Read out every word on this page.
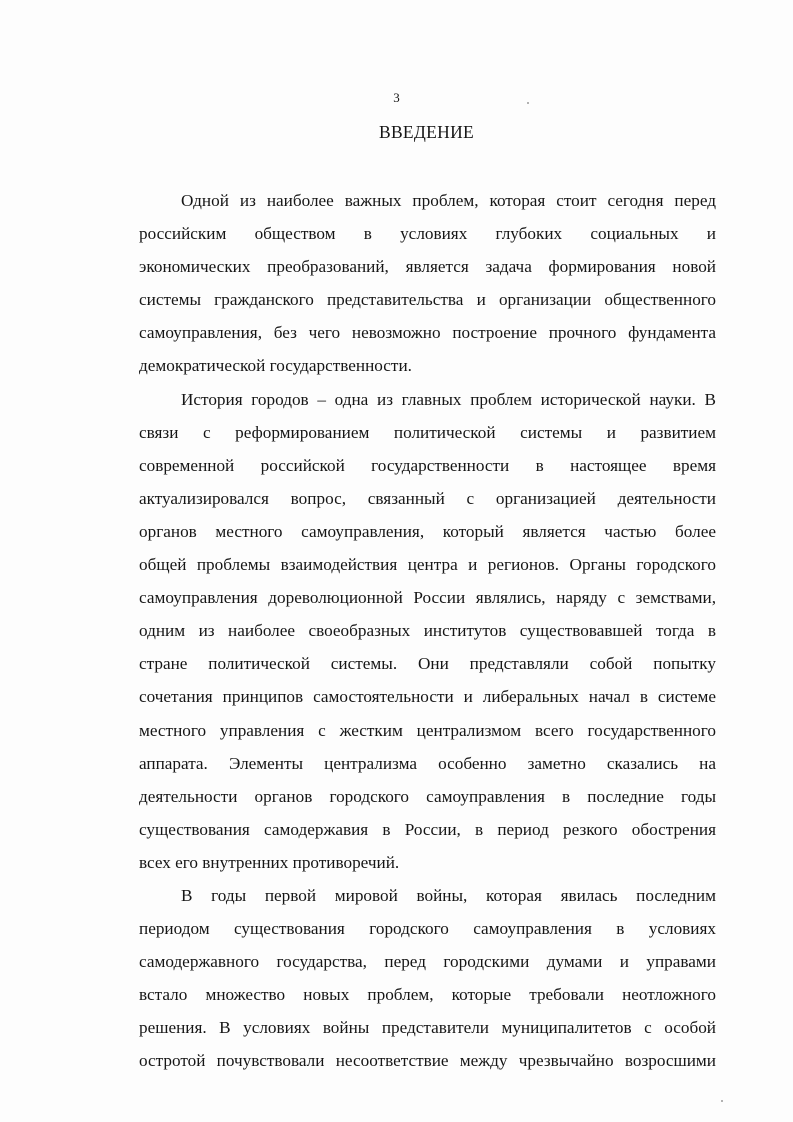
3
ВВЕДЕНИЕ
Одной из наиболее важных проблем, которая стоит сегодня перед
российским обществом в условиях глубоких социальных и
экономических преобразований, является задача формирования новой
системы гражданского представительства и организации общественного
самоуправления, без чего невозможно построение прочного фундамента
демократической государственности.
История городов – одна из главных проблем исторической науки. В
связи с реформированием политической системы и развитием
современной российской государственности в настоящее время
актуализировался вопрос, связанный с организацией деятельности
органов местного самоуправления, который является частью более
общей проблемы взаимодействия центра и регионов. Органы городского
самоуправления дореволюционной России являлись, наряду с земствами,
одним из наиболее своеобразных институтов существовавшей тогда в
стране политической системы. Они представляли собой попытку
сочетания принципов самостоятельности и либеральных начал в системе
местного управления с жестким централизмом всего государственного
аппарата. Элементы централизма особенно заметно сказались на
деятельности органов городского самоуправления в последние годы
существования самодержавия в России, в период резкого обострения
всех его внутренних противоречий.
В годы первой мировой войны, которая явилась последним
периодом существования городского самоуправления в условиях
самодержавного государства, перед городскими думами и управами
встало множество новых проблем, которые требовали неотложного
решения. В условиях войны представители муниципалитетов с особой
остротой почувствовали несоответствие между чрезвычайно возросшими
